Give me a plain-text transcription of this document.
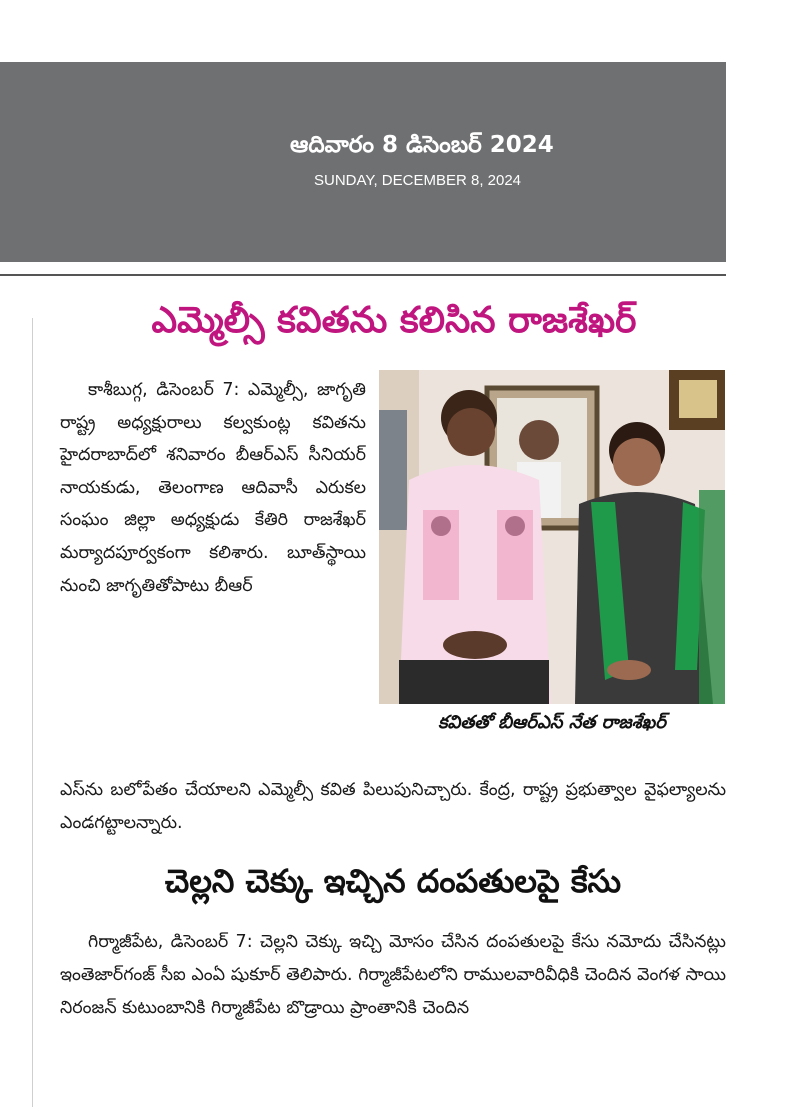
ఆదివారం 8 డిసెంబర్ 2024
SUNDAY, DECEMBER 8, 2024
ఎమ్మెల్సీ కవితను కలిసిన రాజశేఖర్

కాశీబుగ్గ, డిసెంబర్ 7: ఎమ్మెల్సీ, జాగృతి రాష్ట్ర అధ్యక్షురాలు కల్వకుంట్ల కవితను హైదరాబాద్‌లో శనివారం బీఆర్ఎస్ సీనియర్ నాయకుడు, తెలంగాణ ఆదివాసీ ఎరుకల సంఘం జిల్లా అధ్యక్షుడు కేతిరి రాజశేఖర్ మర్యాదపూర్వకంగా కలిశారు. బూత్‌స్థాయి నుంచి జాగృతితోపాటు బీఆర్

కవితతో బీఆర్ఎస్ నేత రాజశేఖర్

ఎస్‌ను బలోపేతం చేయాలని ఎమ్మెల్సీ కవిత పిలుపునిచ్చారు. కేంద్ర, రాష్ట్ర ప్రభుత్వాల వైఫల్యాలను ఎండగట్టాలన్నారు.

చెల్లని చెక్కు ఇచ్చిన దంపతులపై కేసు

గిర్మాజీపేట, డిసెంబర్ 7: చెల్లని చెక్కు ఇచ్చి మోసం చేసిన దంపతులపై కేసు నమోదు చేసినట్లు ఇంతెజార్‌గంజ్ సీఐ ఎంఏ షుకూర్ తెలిపారు. గిర్మాజీపేటలోని రాములవారివీధికి చెందిన వెంగళ సాయి నిరంజన్ కుటుంబానికి గిర్మాజీపేట బొడ్రాయి ప్రాంతానికి చెందిన
